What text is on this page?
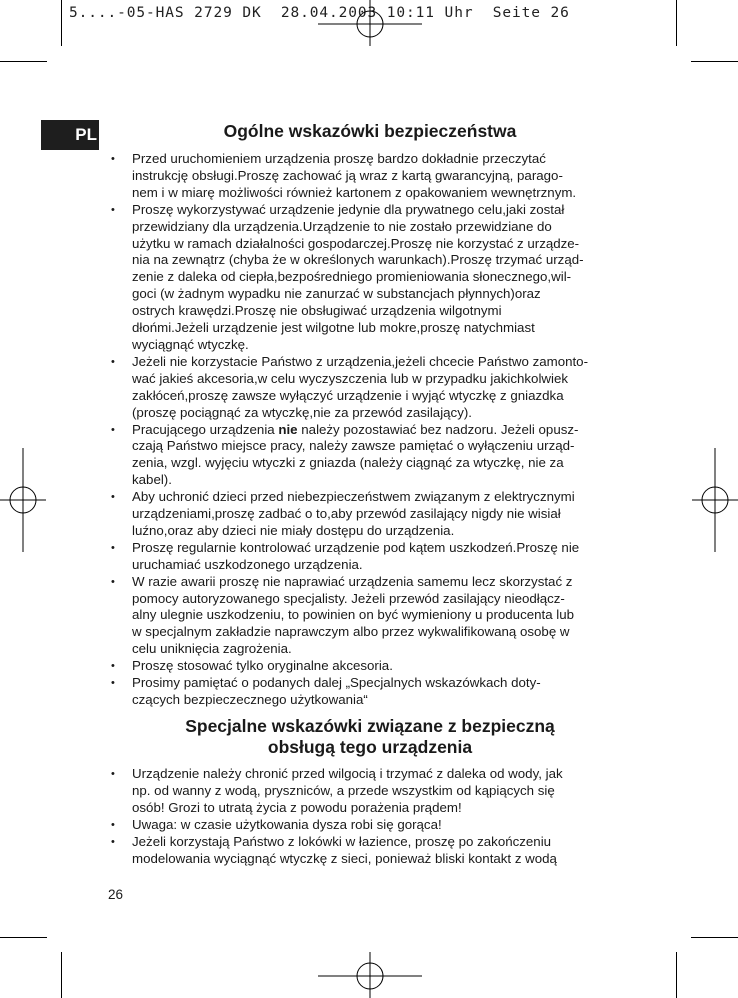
5....-05-HAS 2729 DK  28.04.2003 10:11 Uhr  Seite 26
PL	Ogólne wskazówki bezpieczeństwa
• Przed uruchomieniem urządzenia proszę bardzo dokładnie przeczytać
instrukcję obsługi.Proszę zachować ją wraz z kartą gwarancyjną, parago-
nem i w miarę możliwości również kartonem z opakowaniem wewnętrznym.
• Proszę wykorzystywać urządzenie jedynie dla prywatnego celu,jaki został
przewidziany dla urządzenia.Urządzenie to nie zostało przewidziane do
użytku w ramach działalności gospodarczej.Proszę nie korzystać z urządze-
nia na zewnątrz (chyba że w określonych warunkach).Proszę trzymać urząd-
zenie z daleka od ciepła,bezpośredniego promieniowania słonecznego,wil-
goci (w żadnym wypadku nie zanurzać w substancjach płynnych)oraz
ostrych krawędzi.Proszę nie obsługiwać urządzenia wilgotnymi
dłońmi.Jeżeli urządzenie jest wilgotne lub mokre,proszę natychmiast
wyciągnąć wtyczkę.
• Jeżeli nie korzystacie Państwo z urządzenia,jeżeli chcecie Państwo zamonto-
wać jakieś akcesoria,w celu wyczyszczenia lub w przypadku jakichkolwiek
zakłóceń,proszę zawsze wyłączyć urządzenie i wyjąć wtyczkę z gniazdka
(proszę pociągnąć za wtyczkę,nie za przewód zasilający).
• Pracującego urządzenia nie należy pozostawiać bez nadzoru. Jeżeli opusz-
czają Państwo miejsce pracy, należy zawsze pamiętać o wyłączeniu urząd-
zenia, wzgl. wyjęciu wtyczki z gniazda (należy ciągnąć za wtyczkę, nie za
kabel).
• Aby uchronić dzieci przed niebezpieczeństwem związanym z elektrycznymi
urządzeniami,proszę zadbać o to,aby przewód zasilający nigdy nie wisiał
luźno,oraz aby dzieci nie miały dostępu do urządzenia.
• Proszę regularnie kontrolować urządzenie pod kątem uszkodzeń.Proszę nie
uruchamiać uszkodzonego urządzenia.
• W razie awarii proszę nie naprawiać urządzenia samemu lecz skorzystać z
pomocy autoryzowanego specjalisty. Jeżeli przewód zasilający nieodłącz-
alny ulegnie uszkodzeniu, to powinien on być wymieniony u producenta lub
w specjalnym zakładzie naprawczym albo przez wykwalifikowaną osobę w
celu uniknięcia zagrożenia.
• Proszę stosować tylko oryginalne akcesoria.
• Prosimy pamiętać o podanych dalej „Specjalnych wskazówkach doty-
czących bezpieczecznego użytkowania“
Specjalne wskazówki związane z bezpieczną
obsługą tego urządzenia
• Urządzenie należy chronić przed wilgocią i trzymać z daleka od wody, jak
np. od wanny z wodą, pryszniców, a przede wszystkim od kąpiących się
osób! Grozi to utratą życia z powodu porażenia prądem!
• Uwaga: w czasie użytkowania dysza robi się gorąca!
• Jeżeli korzystają Państwo z lokówki w łazience, proszę po zakończeniu
modelowania wyciągnąć wtyczkę z sieci, ponieważ bliski kontakt z wodą
26
